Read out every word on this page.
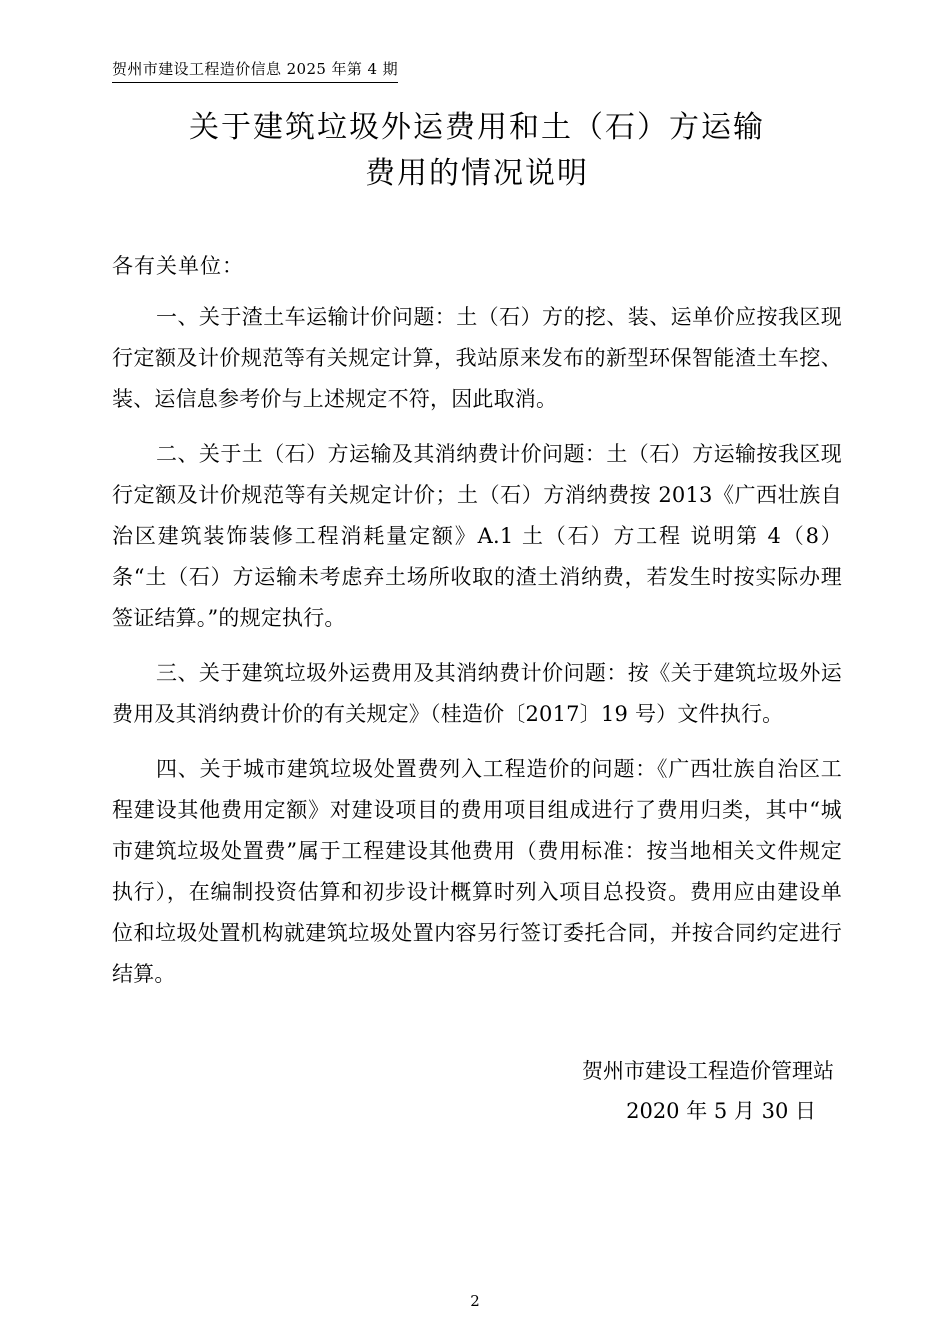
贺州市建设工程造价信息 2025 年第 4 期
关于建筑垃圾外运费用和土（石）方运输
费用的情况说明
各有关单位：

一、关于渣土车运输计价问题：土（石）方的挖、装、运单价应按我区现行定额及计价规范等有关规定计算，我站原来发布的新型环保智能渣土车挖、装、运信息参考价与上述规定不符，因此取消。

二、关于土（石）方运输及其消纳费计价问题：土（石）方运输按我区现行定额及计价规范等有关规定计价；土（石）方消纳费按 2013《广西壮族自治区建筑装饰装修工程消耗量定额》A.1 土（石）方工程 说明第 4（8）条“土（石）方运输未考虑弃土场所收取的渣土消纳费，若发生时按实际办理签证结算。”的规定执行。

三、关于建筑垃圾外运费用及其消纳费计价问题：按《关于建筑垃圾外运费用及其消纳费计价的有关规定》（桂造价〔2017〕19 号）文件执行。

四、关于城市建筑垃圾处置费列入工程造价的问题：《广西壮族自治区工程建设其他费用定额》对建设项目的费用项目组成进行了费用归类，其中“城市建筑垃圾处置费”属于工程建设其他费用（费用标准：按当地相关文件规定执行），在编制投资估算和初步设计概算时列入项目总投资。费用应由建设单位和垃圾处置机构就建筑垃圾处置内容另行签订委托合同，并按合同约定进行结算。

贺州市建设工程造价管理站
2020 年 5 月 30 日
2
